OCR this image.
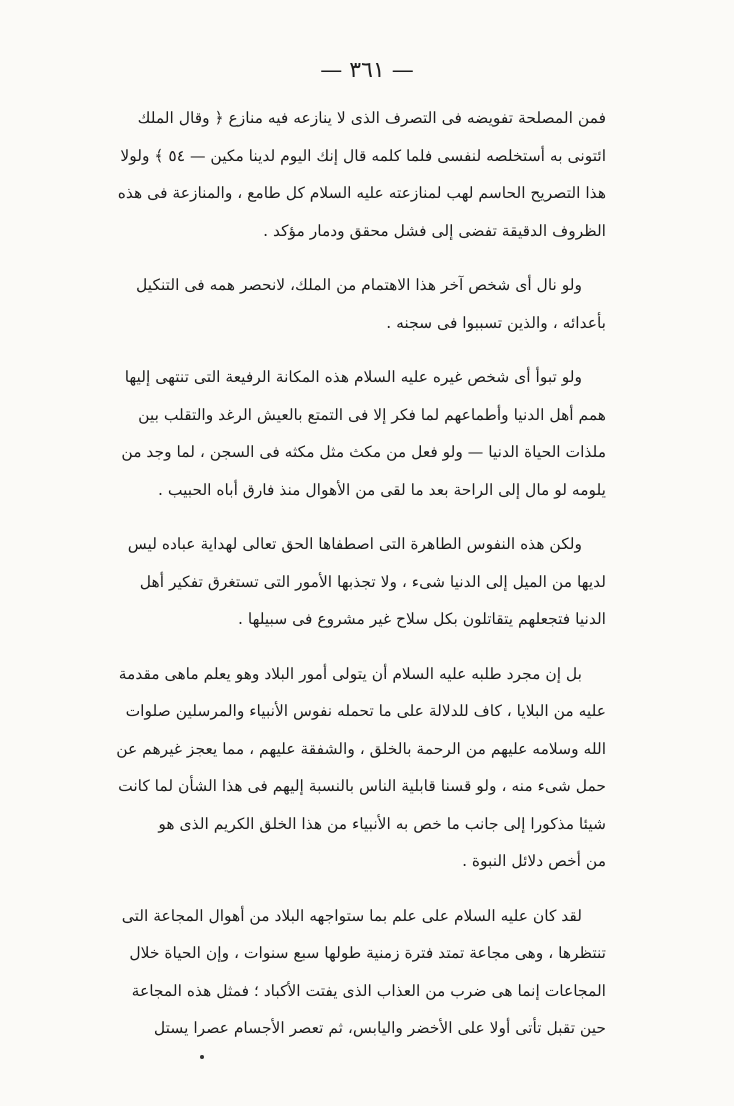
— ٣٦١ —

فمن المصلحة تفويضه فى التصرف الذى لا ينازعه فيه منازع ﴿ وقال الملك
ائتونى به أستخلصه لنفسى فلما كلمه قال إنك اليوم لدينا مكين — ٥٤ ﴾ ولولا
هذا التصريح الحاسم لهب لمنازعته عليه السلام كل طامع ، والمنازعة فى هذه
الظروف الدقيقة تفضى إلى فشل محقق ودمار مؤكد .

ولو نال أى شخص آخر هذا الاهتمام من الملك، لانحصر همه فى التنكيل
بأعدائه ، والذين تسببوا فى سجنه .

ولو تبوأ أى شخص غيره عليه السلام هذه المكانة الرفيعة التى تنتهى إليها
همم أهل الدنيا وأطماعهم لما فكر إلا فى التمتع بالعيش الرغد والتقلب بين
ملذات الحياة الدنيا — ولو فعل من مكث مثل مكثه فى السجن ، لما وجد من
يلومه لو مال إلى الراحة بعد ما لقى من الأهوال منذ فارق أباه الحبيب .

ولكن هذه النفوس الطاهرة التى اصطفاها الحق تعالى لهداية عباده ليس
لديها من الميل إلى الدنيا شىء ، ولا تجذبها الأمور التى تستغرق تفكير أهل
الدنيا فتجعلهم يتقاتلون بكل سلاح غير مشروع فى سبيلها .

بل إن مجرد طلبه عليه السلام أن يتولى أمور البلاد وهو يعلم ماهى مقدمة
عليه من البلايا ، كاف للدلالة على ما تحمله نفوس الأنبياء والمرسلين صلوات
الله وسلامه عليهم من الرحمة بالخلق ، والشفقة عليهم ، مما يعجز غيرهم عن
حمل شىء منه ، ولو قسنا قابلية الناس بالنسبة إليهم فى هذا الشأن لما كانت
شيئا مذكورا إلى جانب ما خص به الأنبياء من هذا الخلق الكريم الذى هو
من أخص دلائل النبوة .

لقد كان عليه السلام على علم بما ستواجهه البلاد من أهوال المجاعة التى
تنتظرها ، وهى مجاعة تمتد فترة زمنية طولها سبع سنوات ، وإن الحياة خلال
المجاعات إنما هى ضرب من العذاب الذى يفتت الأكباد ؛ فمثل هذه المجاعة
حين تقبل تأتى أولا على الأخضر واليابس، ثم تعصر الأجسام عصرا يستل
